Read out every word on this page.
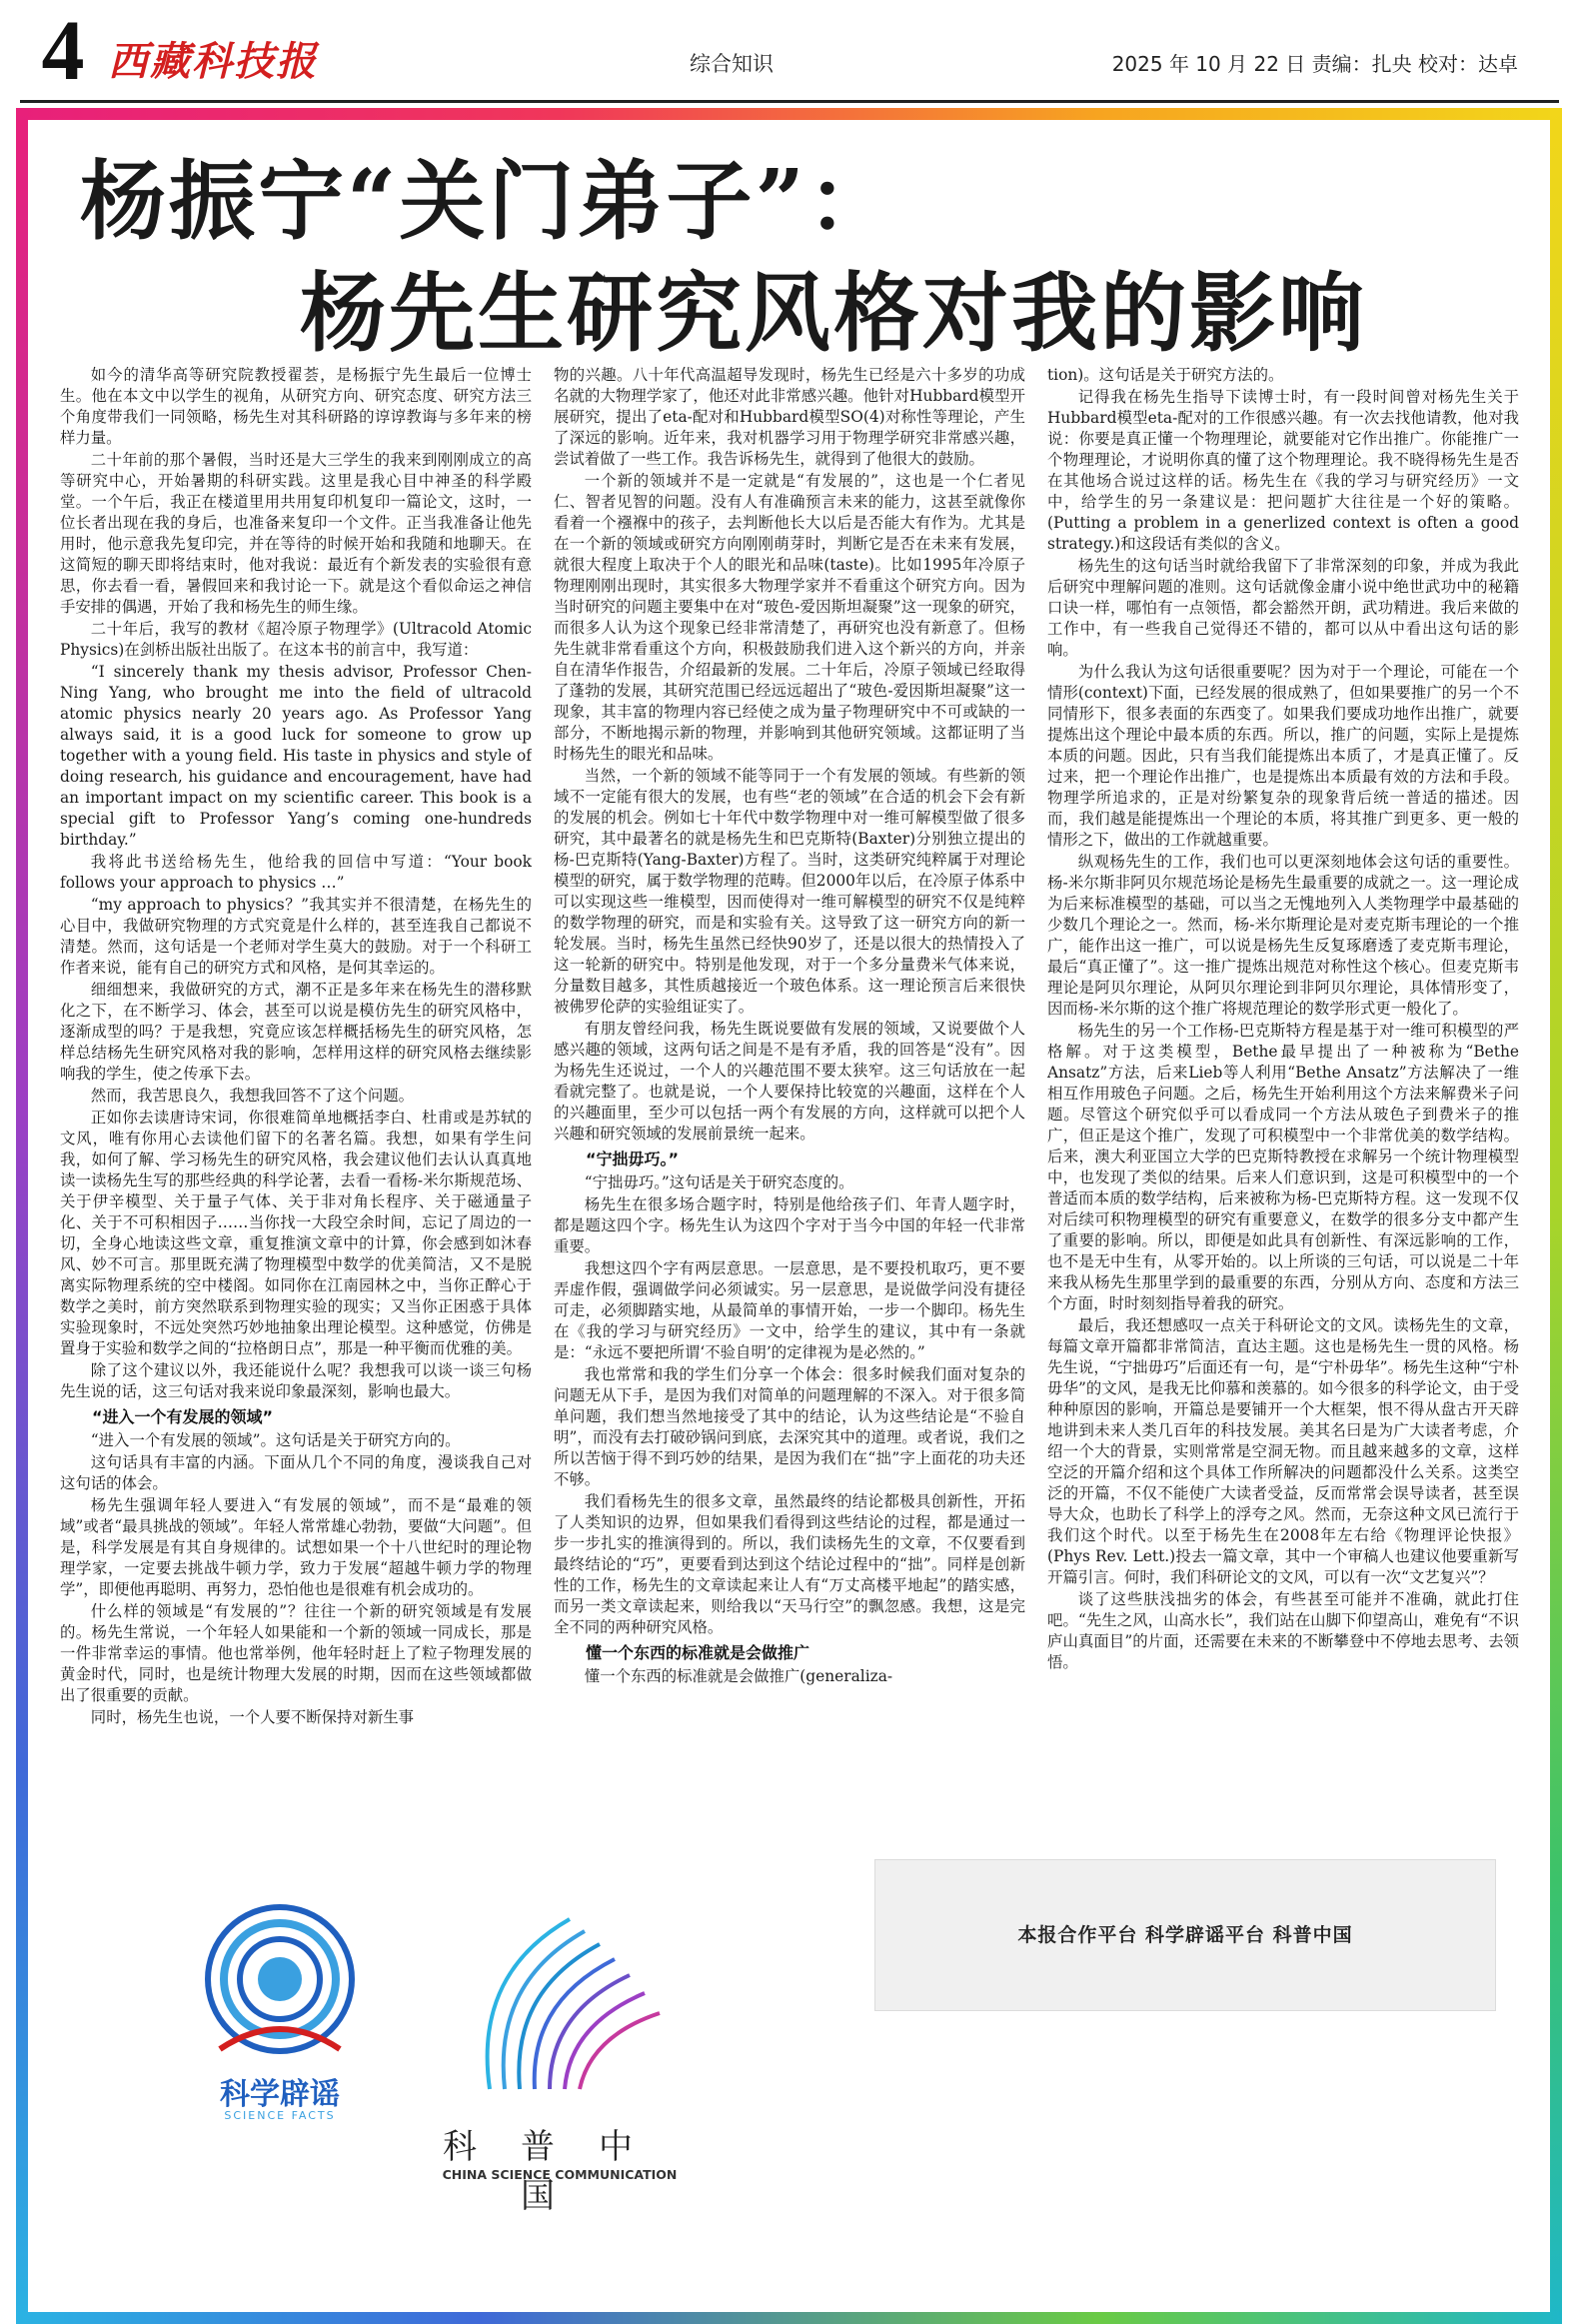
4 西藏科技报	综合知识	2025 年 10 月 22 日 责编：扎央 校对：达卓
杨振宁“关门弟子”：
杨先生研究风格对我的影响

如今的清华高等研究院教授翟荟，是杨振宁先生最后一位博士生。他在本文中以学生的视角，从研究方向、研究态度、研究方法三个角度带我们一同领略，杨先生对其科研路的谆谆教诲与多年来的榜样力量。

二十年前的那个暑假，当时还是大三学生的我来到刚刚成立的高等研究中心，开始暑期的科研实践。这里是我心目中神圣的科学殿堂。一个午后，我正在楼道里用共用复印机复印一篇论文，这时，一位长者出现在我的身后，也准备来复印一个文件。正当我准备让他先用时，他示意我先复印完，并在等待的时候开始和我随和地聊天。在这简短的聊天即将结束时，他对我说：最近有个新发表的实验很有意思，你去看一看，暑假回来和我讨论一下。就是这个看似命运之神信手安排的偶遇，开始了我和杨先生的师生缘。

二十年后，我写的教材《超冷原子物理学》(Ultracold Atomic Physics)在剑桥出版社出版了。在这本书的前言中，我写道：

“I sincerely thank my thesis advisor, Professor Chen-Ning Yang, who brought me into the field of ultracold atomic physics nearly 20 years ago. As Professor Yang always said, it is a good luck for someone to grow up together with a young field. His taste in physics and style of doing research, his guidance and encouragement, have had an important impact on my scientific career. This book is a special gift to Professor Yang’s coming one-hundreds birthday.”

我将此书送给杨先生，他给我的回信中写道：“Your book follows your approach to physics …”

“my approach to physics？”我其实并不很清楚，在杨先生的心目中，我做研究物理的方式究竟是什么样的，甚至连我自己都说不清楚。然而，这句话是一个老师对学生莫大的鼓励。对于一个科研工作者来说，能有自己的研究方式和风格，是何其幸运的。

细细想来，我做研究的方式，潮不正是多年来在杨先生的潜移默化之下，在不断学习、体会，甚至可以说是模仿先生的研究风格中，逐渐成型的吗？于是我想，究竟应该怎样概括杨先生的研究风格，怎样总结杨先生研究风格对我的影响，怎样用这样的研究风格去继续影响我的学生，使之传承下去。

然而，我苦思良久，我想我回答不了这个问题。

正如你去读唐诗宋词，你很难简单地概括李白、杜甫或是苏轼的文风，唯有你用心去读他们留下的名著名篇。我想，如果有学生问我，如何了解、学习杨先生的研究风格，我会建议他们去认认真真地读一读杨先生写的那些经典的科学论著，去看一看杨-米尔斯规范场、关于伊辛模型、关于量子气体、关于非对角长程序、关于磁通量子化、关于不可积相因子……当你找一大段空余时间，忘记了周边的一切，全身心地读这些文章，重复推演文章中的计算，你会感到如沐春风、妙不可言。那里既充满了物理模型中数学的优美简洁，又不是脱离实际物理系统的空中楼阁。如同你在江南园林之中，当你正醉心于数学之美时，前方突然联系到物理实验的现实；又当你正困惑于具体实验现象时，不远处突然巧妙地抽象出理论模型。这种感觉，仿佛是置身于实验和数学之间的“拉格朗日点”，那是一种平衡而优雅的美。

除了这个建议以外，我还能说什么呢？我想我可以谈一谈三句杨先生说的话，这三句话对我来说印象最深刻，影响也最大。

“进入一个有发展的领域”

“进入一个有发展的领域”。这句话是关于研究方向的。

这句话具有丰富的内涵。下面从几个不同的角度，漫谈我自己对这句话的体会。

杨先生强调年轻人要进入“有发展的领域”，而不是“最难的领域”或者“最具挑战的领域”。年轻人常常雄心勃勃，要做“大问题”。但是，科学发展是有其自身规律的。试想如果一个十八世纪时的理论物理学家，一定要去挑战牛顿力学，致力于发展“超越牛顿力学的物理学”，即便他再聪明、再努力，恐怕他也是很难有机会成功的。

什么样的领域是“有发展的”？往往一个新的研究领域是有发展的。杨先生常说，一个年轻人如果能和一个新的领域一同成长，那是一件非常幸运的事情。他也常举例，他年轻时赶上了粒子物理发展的黄金时代，同时，也是统计物理大发展的时期，因而在这些领域都做出了很重要的贡献。

同时，杨先生也说，一个人要不断保持对新生事

物的兴趣。八十年代高温超导发现时，杨先生已经是六十多岁的功成名就的大物理学家了，他还对此非常感兴趣。他针对Hubbard模型开展研究，提出了eta-配对和Hubbard模型SO(4)对称性等理论，产生了深远的影响。近年来，我对机器学习用于物理学研究非常感兴趣，尝试着做了一些工作。我告诉杨先生，就得到了他很大的鼓励。

一个新的领域并不是一定就是“有发展的”，这也是一个仁者见仁、智者见智的问题。没有人有准确预言未来的能力，这甚至就像你看着一个襁褓中的孩子，去判断他长大以后是否能大有作为。尤其是在一个新的领域或研究方向刚刚萌芽时，判断它是否在未来有发展，就很大程度上取决于个人的眼光和品味(taste)。比如1995年冷原子物理刚刚出现时，其实很多大物理学家并不看重这个研究方向。因为当时研究的问题主要集中在对“玻色-爱因斯坦凝聚”这一现象的研究，而很多人认为这个现象已经非常清楚了，再研究也没有新意了。但杨先生就非常看重这个方向，积极鼓励我们进入这个新兴的方向，并亲自在清华作报告，介绍最新的发展。二十年后，冷原子领域已经取得了蓬勃的发展，其研究范围已经远远超出了“玻色-爱因斯坦凝聚”这一现象，其丰富的物理内容已经使之成为量子物理研究中不可或缺的一部分，不断地揭示新的物理，并影响到其他研究领域。这都证明了当时杨先生的眼光和品味。

当然，一个新的领域不能等同于一个有发展的领域。有些新的领域不一定能有很大的发展，也有些“老的领域”在合适的机会下会有新的发展的机会。例如七十年代中数学物理中对一维可解模型做了很多研究，其中最著名的就是杨先生和巴克斯特(Baxter)分别独立提出的杨-巴克斯特(Yang-Baxter)方程了。当时，这类研究纯粹属于对理论模型的研究，属于数学物理的范畴。但2000年以后，在冷原子体系中可以实现这些一维模型，因而使得对一维可解模型的研究不仅是纯粹的数学物理的研究，而是和实验有关。这导致了这一研究方向的新一轮发展。当时，杨先生虽然已经快90岁了，还是以很大的热情投入了这一轮新的研究中。特别是他发现，对于一个多分量费米气体来说，分量数目越多，其性质越接近一个玻色体系。这一理论预言后来很快被佛罗伦萨的实验组证实了。

有朋友曾经问我，杨先生既说要做有发展的领域，又说要做个人感兴趣的领域，这两句话之间是不是有矛盾，我的回答是“没有”。因为杨先生还说过，一个人的兴趣范围不要太狭窄。这三句话放在一起看就完整了。也就是说，一个人要保持比较宽的兴趣面，这样在个人的兴趣面里，至少可以包括一两个有发展的方向，这样就可以把个人兴趣和研究领域的发展前景统一起来。

“宁拙毋巧。”

“宁拙毋巧。”这句话是关于研究态度的。

杨先生在很多场合题字时，特别是他给孩子们、年青人题字时，都是题这四个字。杨先生认为这四个字对于当今中国的年轻一代非常重要。

我想这四个字有两层意思。一层意思，是不要投机取巧，更不要弄虚作假，强调做学问必须诚实。另一层意思，是说做学问没有捷径可走，必须脚踏实地，从最简单的事情开始，一步一个脚印。杨先生在《我的学习与研究经历》一文中，给学生的建议，其中有一条就是：“永远不要把所谓‘不验自明’的定律视为是必然的。”

我也常常和我的学生们分享一个体会：很多时候我们面对复杂的问题无从下手，是因为我们对简单的问题理解的不深入。对于很多简单问题，我们想当然地接受了其中的结论，认为这些结论是“不验自明”，而没有去打破砂锅问到底，去深究其中的道理。或者说，我们之所以苦恼于得不到巧妙的结果，是因为我们在“拙”字上面花的功夫还不够。

我们看杨先生的很多文章，虽然最终的结论都极具创新性，开拓了人类知识的边界，但如果我们看得到这些结论的过程，都是通过一步一步扎实的推演得到的。所以，我们读杨先生的文章，不仅要看到最终结论的“巧”，更要看到达到这个结论过程中的“拙”。同样是创新性的工作，杨先生的文章读起来让人有“万丈高楼平地起”的踏实感，而另一类文章读起来，则给我以“天马行空”的飘忽感。我想，这是完全不同的两种研究风格。

懂一个东西的标准就是会做推广

懂一个东西的标准就是会做推广(generaliza-

tion)。这句话是关于研究方法的。

记得我在杨先生指导下读博士时，有一段时间曾对杨先生关于Hubbard模型eta-配对的工作很感兴趣。有一次去找他请教，他对我说：你要是真正懂一个物理理论，就要能对它作出推广。你能推广一个物理理论，才说明你真的懂了这个物理理论。我不晓得杨先生是否在其他场合说过这样的话。杨先生在《我的学习与研究经历》一文中，给学生的另一条建议是：把问题扩大往往是一个好的策略。(Putting a problem in a generlized context is often a good strategy.)和这段话有类似的含义。

杨先生的这句话当时就给我留下了非常深刻的印象，并成为我此后研究中理解问题的准则。这句话就像金庸小说中绝世武功中的秘籍口诀一样，哪怕有一点领悟，都会豁然开朗，武功精进。我后来做的工作中，有一些我自己觉得还不错的，都可以从中看出这句话的影响。

为什么我认为这句话很重要呢？因为对于一个理论，可能在一个情形(context)下面，已经发展的很成熟了，但如果要推广的另一个不同情形下，很多表面的东西变了。如果我们要成功地作出推广，就要提炼出这个理论中最本质的东西。所以，推广的问题，实际上是提炼本质的问题。因此，只有当我们能提炼出本质了，才是真正懂了。反过来，把一个理论作出推广，也是提炼出本质最有效的方法和手段。物理学所追求的，正是对纷繁复杂的现象背后统一普适的描述。因而，我们越是能提炼出一个理论的本质，将其推广到更多、更一般的情形之下，做出的工作就越重要。

纵观杨先生的工作，我们也可以更深刻地体会这句话的重要性。杨-米尔斯非阿贝尔规范场论是杨先生最重要的成就之一。这一理论成为后来标准模型的基础，可以当之无愧地列入人类物理学中最基础的少数几个理论之一。然而，杨-米尔斯理论是对麦克斯韦理论的一个推广，能作出这一推广，可以说是杨先生反复琢磨透了麦克斯韦理论，最后“真正懂了”。这一推广提炼出规范对称性这个核心。但麦克斯韦理论是阿贝尔理论，从阿贝尔理论到非阿贝尔理论，具体情形变了，因而杨-米尔斯的这个推广将规范理论的数学形式更一般化了。

杨先生的另一个工作杨-巴克斯特方程是基于对一维可积模型的严格解。对于这类模型，Bethe最早提出了一种被称为“Bethe Ansatz”方法，后来Lieb等人利用“Bethe Ansatz”方法解决了一维相互作用玻色子问题。之后，杨先生开始利用这个方法来解费米子问题。尽管这个研究似乎可以看成同一个方法从玻色子到费米子的推广，但正是这个推广，发现了可积模型中一个非常优美的数学结构。后来，澳大利亚国立大学的巴克斯特教授在求解另一个统计物理模型中，也发现了类似的结果。后来人们意识到，这是可积模型中的一个普适而本质的数学结构，后来被称为杨-巴克斯特方程。这一发现不仅对后续可积物理模型的研究有重要意义，在数学的很多分支中都产生了重要的影响。所以，即便是如此具有创新性、有深远影响的工作，也不是无中生有，从零开始的。以上所谈的三句话，可以说是二十年来我从杨先生那里学到的最重要的东西，分别从方向、态度和方法三个方面，时时刻刻指导着我的研究。

最后，我还想感叹一点关于科研论文的文风。读杨先生的文章，每篇文章开篇都非常简洁，直达主题。这也是杨先生一贯的风格。杨先生说，“宁拙毋巧”后面还有一句，是“宁朴毋华”。杨先生这种“宁朴毋华”的文风，是我无比仰慕和羡慕的。如今很多的科学论文，由于受种种原因的影响，开篇总是要铺开一个大框架，恨不得从盘古开天辟地讲到未来人类几百年的科技发展。美其名曰是为广大读者考虑，介绍一个大的背景，实则常常是空洞无物。而且越来越多的文章，这样空泛的开篇介绍和这个具体工作所解决的问题都没什么关系。这类空泛的开篇，不仅不能使广大读者受益，反而常常会误导读者，甚至误导大众，也助长了科学上的浮夸之风。然而，无奈这种文风已流行于我们这个时代。以至于杨先生在2008年左右给《物理评论快报》(Phys Rev. Lett.)投去一篇文章，其中一个审稿人也建议他要重新写开篇引言。何时，我们科研论文的文风，可以有一次“文艺复兴”？

谈了这些肤浅拙劣的体会，有些甚至可能并不准确，就此打住吧。“先生之风，山高水长”，我们站在山脚下仰望高山，难免有“不识庐山真面目”的片面，还需要在未来的不断攀登中不停地去思考、去领悟。

科学辟谣
SCIENCE FACTS
科普中国
CHINA SCIENCE COMMUNICATION
本报合作平台 科学辟谣平台 科普中国
